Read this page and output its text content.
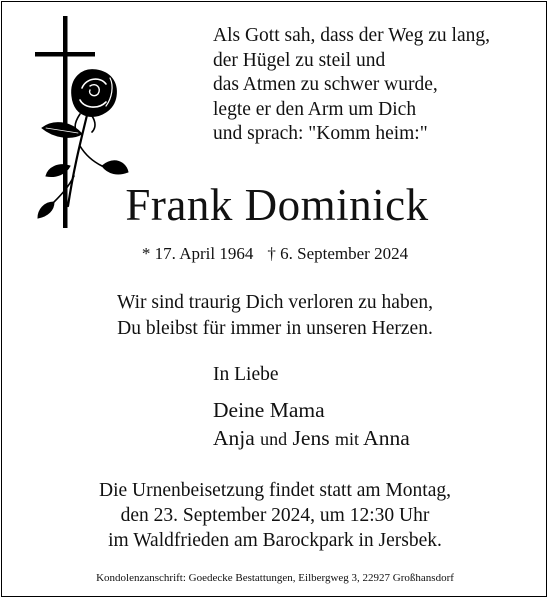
Als Gott sah, dass der Weg zu lang,
der Hügel zu steil und
das Atmen zu schwer wurde,
legte er den Arm um Dich
und sprach: "Komm heim:"
Frank Dominick
* 17. April 1964 † 6. September 2024
Wir sind traurig Dich verloren zu haben,
Du bleibst für immer in unseren Herzen.
In Liebe
Deine Mama
Anja und Jens mit Anna
Die Urnenbeisetzung findet statt am Montag,
den 23. September 2024, um 12:30 Uhr
im Waldfrieden am Barockpark in Jersbek.
Kondolenzanschrift: Goedecke Bestattungen, Eilbergweg 3, 22927 Großhansdorf
